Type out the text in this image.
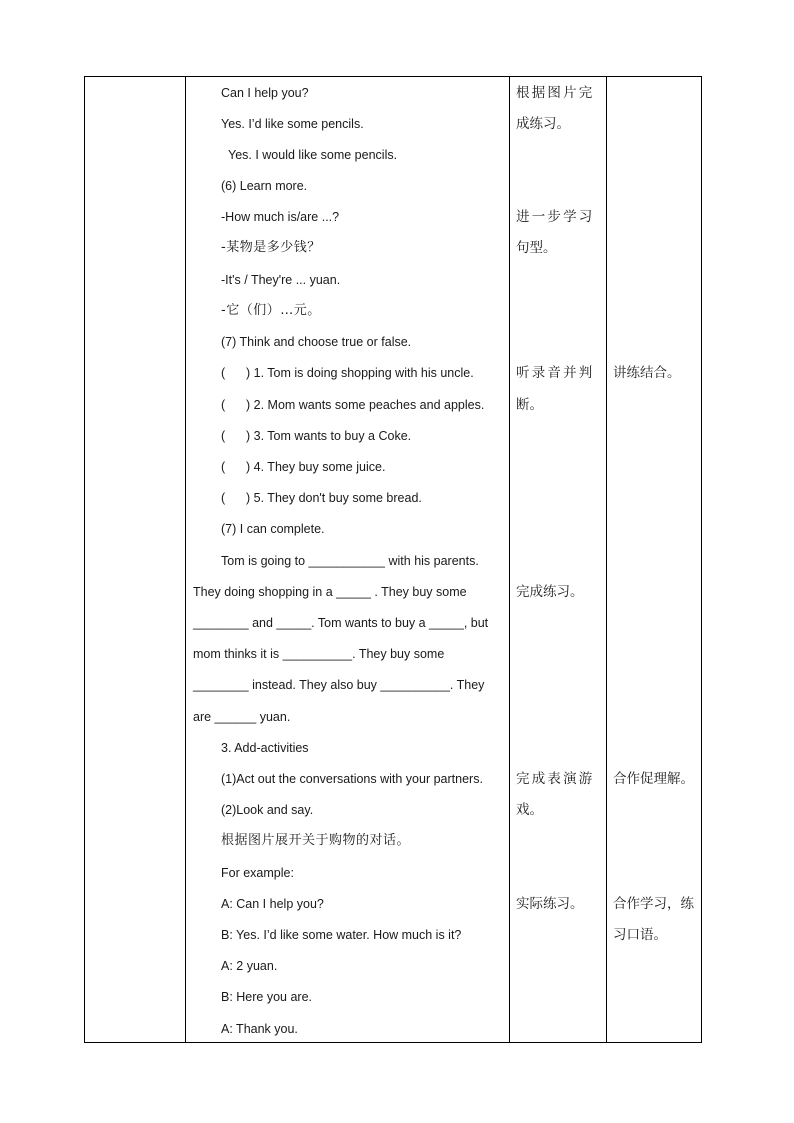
Can I help you?
Yes. I’d like some pencils.
Yes. I would like some pencils.
(6) Learn more.
-How much is/are ...?
-某物是多少钱？
-It's / They're ... yuan.
-它（们）…元。
(7) Think and choose true or false.
(      ) 1. Tom is doing shopping with his uncle.
(      ) 2. Mom wants some peaches and apples.
(      ) 3. Tom wants to buy a Coke.
(      ) 4. They buy some juice.
(      ) 5. They don't buy some bread.
(7) I can complete.
Tom is going to ___________ with his parents.
They doing shopping in a _____ . They buy some
________ and _____. Tom wants to buy a _____, but
mom thinks it is __________. They buy some
________ instead. They also buy __________. They
are ______ yuan.
3. Add-activities
(1)Act out the conversations with your partners.
(2)Look and say.
根据图片展开关于购物的对话。
For example:
A: Can I help you?
B: Yes. I’d like some water. How much is it?
A: 2 yuan.
B: Here you are.
A: Thank you.
根据图片完
成练习。
进一步学习
句型。
听录音并判
断。
完成练习。
完成表演游
戏。
实际练习。
讲练结合。
合作促理解。
合作学习，练
习口语。
